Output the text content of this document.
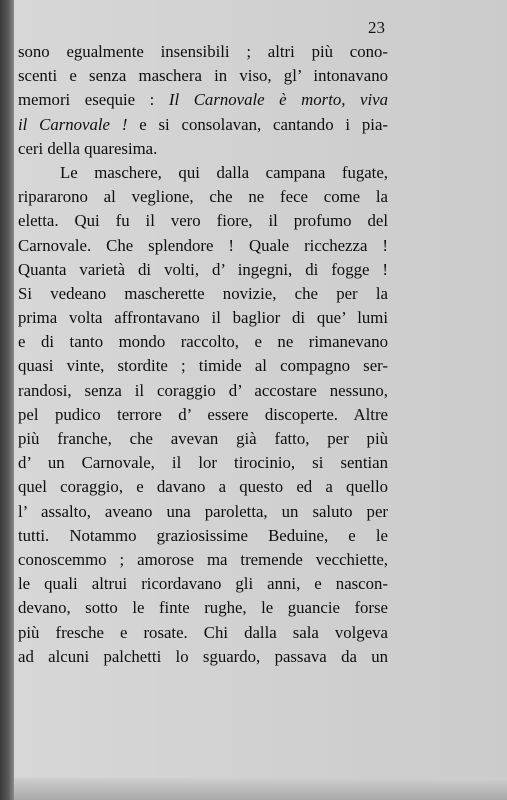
23
sono egualmente insensibili ; altri più cono-
scenti e senza maschera in viso, gl’ intonavano
memori esequie : Il Carnovale è morto, viva
il Carnovale ! e si consolavan, cantando i pia-
ceri della quaresima.
Le maschere, qui dalla campana fugate,
ripararono al veglione, che ne fece come la
eletta. Qui fu il vero fiore, il profumo del
Carnovale. Che splendore ! Quale ricchezza !
Quanta varietà di volti, d’ ingegni, di fogge !
Si vedeano mascherette novizie, che per la
prima volta affrontavano il baglior di que’ lumi
e di tanto mondo raccolto, e ne rimanevano
quasi vinte, stordite ; timide al compagno ser-
randosi, senza il coraggio d’ accostare nessuno,
pel pudico terrore d’ essere discoperte. Altre
più franche, che avevan già fatto, per più
d’ un Carnovale, il lor tirocinio, si sentian
quel coraggio, e davano a questo ed a quello
l’ assalto, aveano una paroletta, un saluto per
tutti. Notammo graziosissime Beduine, e le
conoscemmo ; amorose ma tremende vecchiette,
le quali altrui ricordavano gli anni, e nascon-
devano, sotto le finte rughe, le guancie forse
più fresche e rosate. Chi dalla sala volgeva
ad alcuni palchetti lo sguardo, passava da un
